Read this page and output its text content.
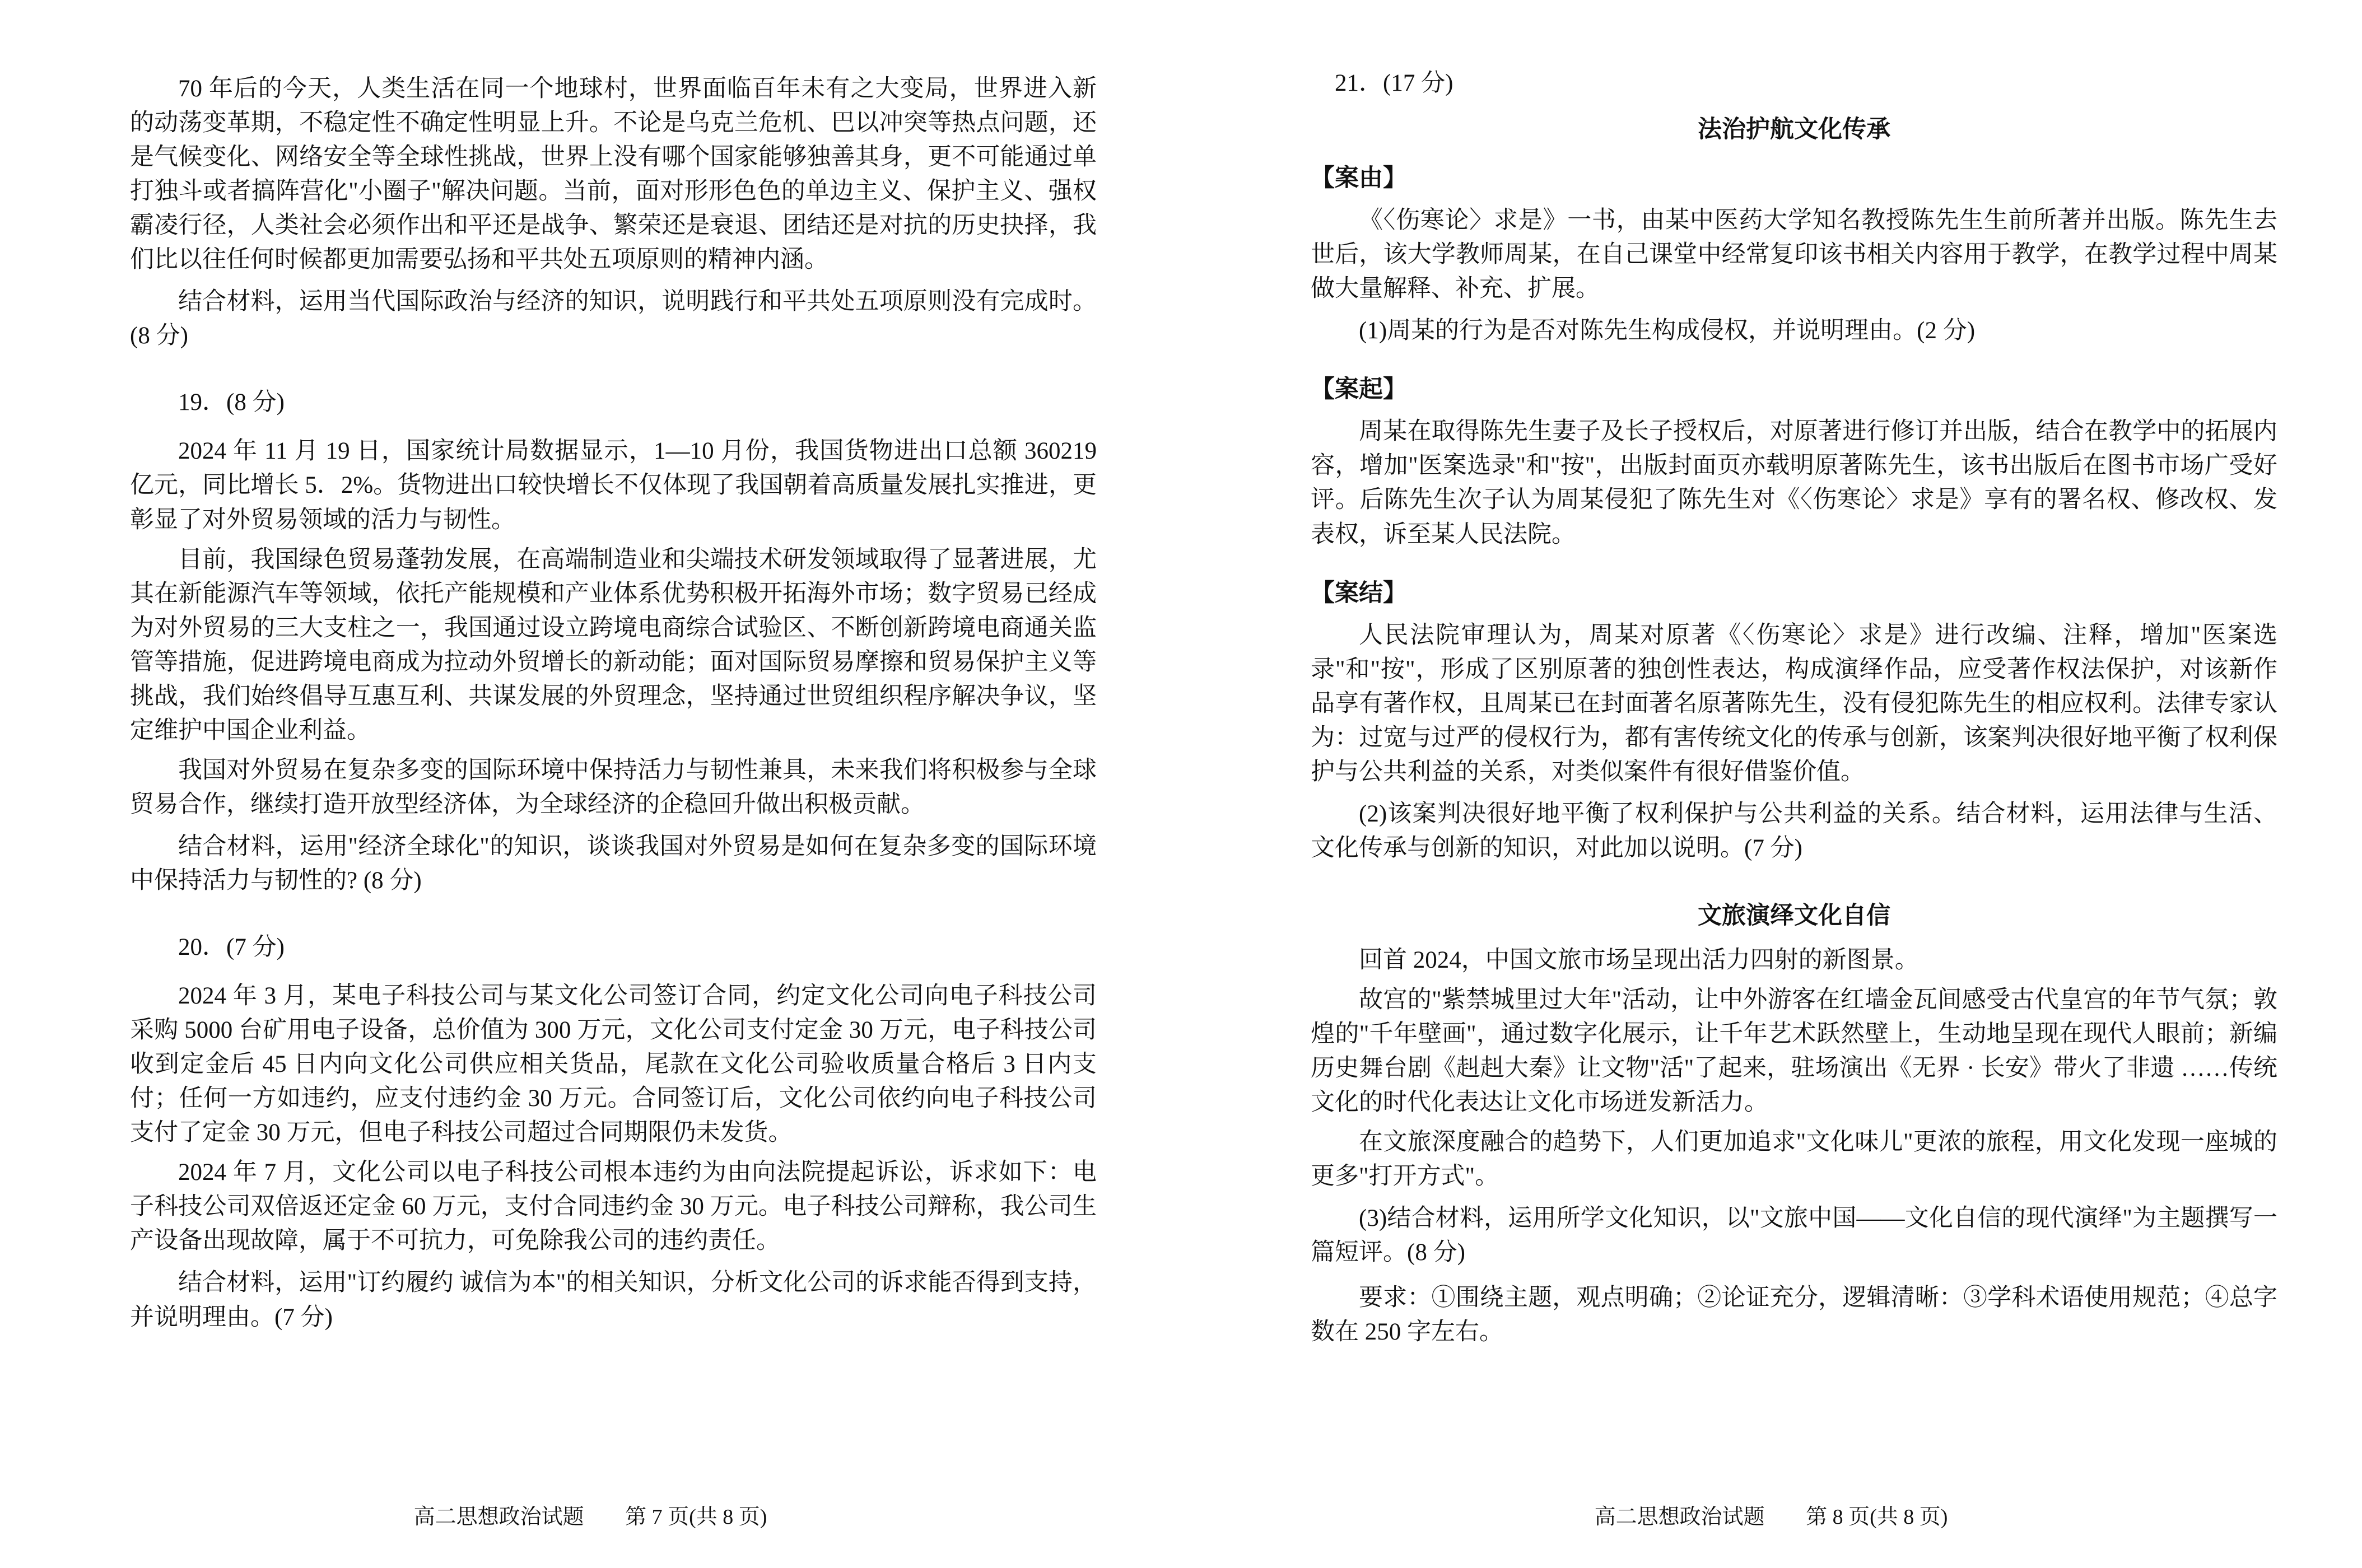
70 年后的今天，人类生活在同一个地球村，世界面临百年未有之大变局，世界进入新的动荡变革期，不稳定性不确定性明显上升。不论是乌克兰危机、巴以冲突等热点问题，还是气候变化、网络安全等全球性挑战，世界上没有哪个国家能够独善其身，更不可能通过单打独斗或者搞阵营化"小圈子"解决问题。当前，面对形形色色的单边主义、保护主义、强权霸凌行径，人类社会必须作出和平还是战争、繁荣还是衰退、团结还是对抗的历史抉择，我们比以往任何时候都更加需要弘扬和平共处五项原则的精神内涵。

结合材料，运用当代国际政治与经济的知识，说明践行和平共处五项原则没有完成时。(8 分)

19．(8 分)

2024 年 11 月 19 日，国家统计局数据显示，1—10 月份，我国货物进出口总额 360219 亿元，同比增长 5．2%。货物进出口较快增长不仅体现了我国朝着高质量发展扎实推进，更彰显了对外贸易领域的活力与韧性。

目前，我国绿色贸易蓬勃发展，在高端制造业和尖端技术研发领域取得了显著进展，尤其在新能源汽车等领域，依托产能规模和产业体系优势积极开拓海外市场；数字贸易已经成为对外贸易的三大支柱之一，我国通过设立跨境电商综合试验区、不断创新跨境电商通关监管等措施，促进跨境电商成为拉动外贸增长的新动能；面对国际贸易摩擦和贸易保护主义等挑战，我们始终倡导互惠互利、共谋发展的外贸理念，坚持通过世贸组织程序解决争议，坚定维护中国企业利益。

我国对外贸易在复杂多变的国际环境中保持活力与韧性兼具，未来我们将积极参与全球贸易合作，继续打造开放型经济体，为全球经济的企稳回升做出积极贡献。

结合材料，运用"经济全球化"的知识，谈谈我国对外贸易是如何在复杂多变的国际环境中保持活力与韧性的? (8 分)

20．(7 分)

2024 年 3 月，某电子科技公司与某文化公司签订合同，约定文化公司向电子科技公司采购 5000 台矿用电子设备，总价值为 300 万元，文化公司支付定金 30 万元，电子科技公司收到定金后 45 日内向文化公司供应相关货品，尾款在文化公司验收质量合格后 3 日内支付；任何一方如违约，应支付违约金 30 万元。合同签订后，文化公司依约向电子科技公司支付了定金 30 万元，但电子科技公司超过合同期限仍未发货。

2024 年 7 月，文化公司以电子科技公司根本违约为由向法院提起诉讼，诉求如下：电子科技公司双倍返还定金 60 万元，支付合同违约金 30 万元。电子科技公司辩称，我公司生产设备出现故障，属于不可抗力，可免除我公司的违约责任。

结合材料，运用"订约履约 诚信为本"的相关知识，分析文化公司的诉求能否得到支持，并说明理由。(7 分)

高二思想政治试题 第 7 页(共 8 页)

21．(17 分)

法治护航文化传承

【案由】

《〈伤寒论〉求是》一书，由某中医药大学知名教授陈先生生前所著并出版。陈先生去世后，该大学教师周某，在自己课堂中经常复印该书相关内容用于教学，在教学过程中周某做大量解释、补充、扩展。

(1)周某的行为是否对陈先生构成侵权，并说明理由。(2 分)

【案起】

周某在取得陈先生妻子及长子授权后，对原著进行修订并出版，结合在教学中的拓展内容，增加"医案选录"和"按"，出版封面页亦载明原著陈先生，该书出版后在图书市场广受好评。后陈先生次子认为周某侵犯了陈先生对《〈伤寒论〉求是》享有的署名权、修改权、发表权，诉至某人民法院。

【案结】

人民法院审理认为，周某对原著《〈伤寒论〉求是》进行改编、注释，增加"医案选录"和"按"，形成了区别原著的独创性表达，构成演绎作品，应受著作权法保护，对该新作品享有著作权，且周某已在封面著名原著陈先生，没有侵犯陈先生的相应权利。法律专家认为：过宽与过严的侵权行为，都有害传统文化的传承与创新，该案判决很好地平衡了权利保护与公共利益的关系，对类似案件有很好借鉴价值。

(2)该案判决很好地平衡了权利保护与公共利益的关系。结合材料，运用法律与生活、文化传承与创新的知识，对此加以说明。(7 分)

文旅演绎文化自信

回首 2024，中国文旅市场呈现出活力四射的新图景。

故宫的"紫禁城里过大年"活动，让中外游客在红墙金瓦间感受古代皇宫的年节气氛；敦煌的"千年壁画"，通过数字化展示，让千年艺术跃然壁上，生动地呈现在现代人眼前；新编历史舞台剧《赳赳大秦》让文物"活"了起来，驻场演出《无界 · 长安》带火了非遗 ……传统文化的时代化表达让文化市场迸发新活力。

在文旅深度融合的趋势下，人们更加追求"文化味儿"更浓的旅程，用文化发现一座城的更多"打开方式"。

(3)结合材料，运用所学文化知识，以"文旅中国——文化自信的现代演绎"为主题撰写一篇短评。(8 分)

要求：①围绕主题，观点明确；②论证充分，逻辑清晰：③学科术语使用规范；④总字数在 250 字左右。

高二思想政治试题 第 8 页(共 8 页)
